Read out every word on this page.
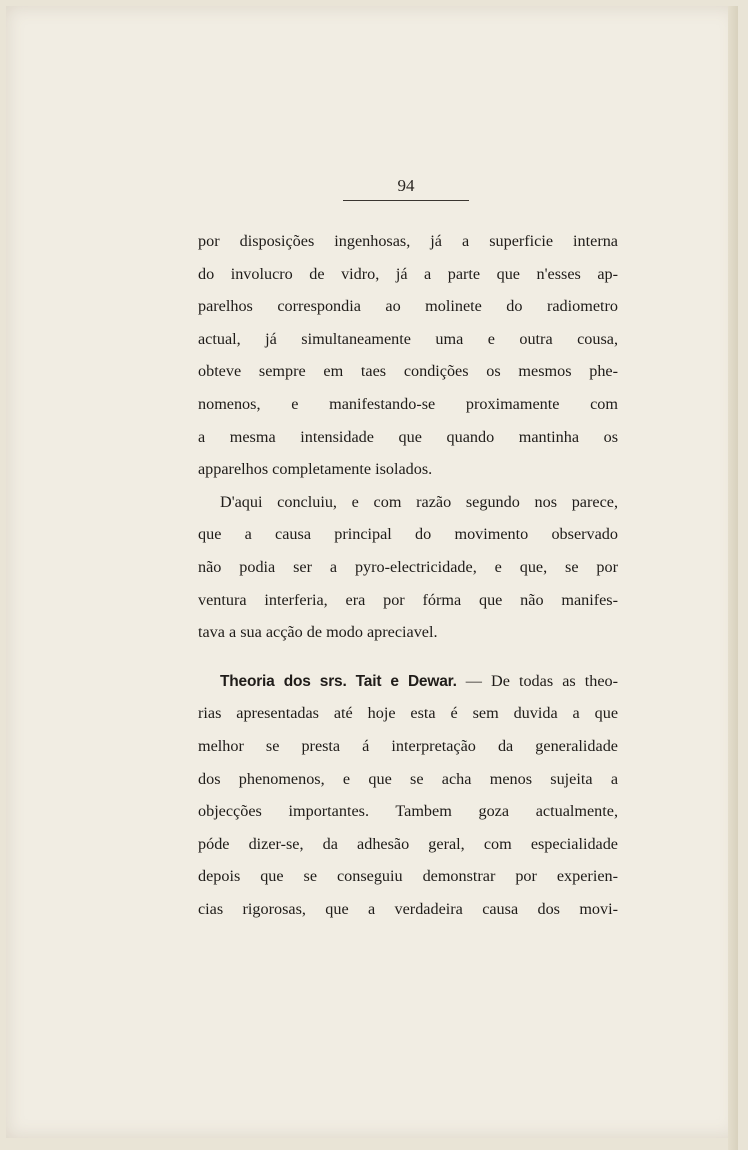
94
por disposições ingenhosas, já a superficie interna
do involucro de vidro, já a parte que n'esses ap-
parelhos correspondia ao molinete do radiometro
actual, já simultaneamente uma e outra cousa,
obteve sempre em taes condições os mesmos phe-
nomenos, e manifestando-se proximamente com
a mesma intensidade que quando mantinha os
apparelhos completamente isolados.
D'aqui concluiu, e com razão segundo nos parece,
que a causa principal do movimento observado
não podia ser a pyro-electricidade, e que, se por
ventura interferia, era por fórma que não manifes-
tava a sua acção de modo apreciavel.
Theoria dos srs. Tait e Dewar. — De todas as theo-
rias apresentadas até hoje esta é sem duvida a que
melhor se presta á interpretação da generalidade
dos phenomenos, e que se acha menos sujeita a
objecções importantes. Tambem goza actualmente,
póde dizer-se, da adhesão geral, com especialidade
depois que se conseguiu demonstrar por experien-
cias rigorosas, que a verdadeira causa dos movi-
